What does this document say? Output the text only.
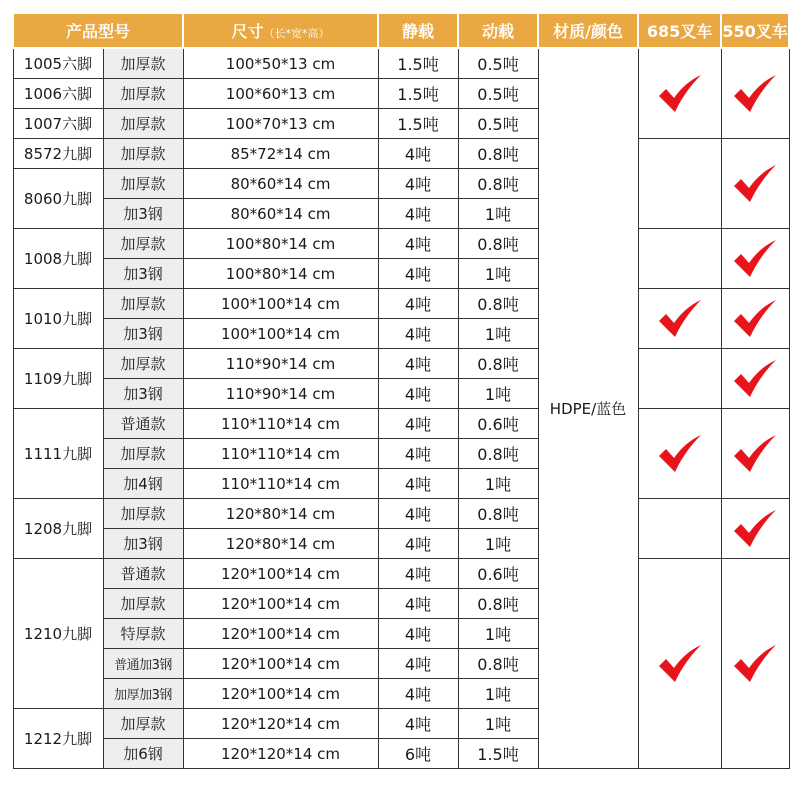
产品型号		尺寸（长*宽*高）	静载	动载	材质/颜色	685叉车	550叉车
1005六脚	加厚款	100*50*13 cm	1.5吨	0.5吨	HDPE/蓝色	

1006六脚	加厚款	100*60*13 cm	1.5吨	0.5吨			
1007六脚	加厚款	100*70*13 cm	1.5吨	0.5吨			
8572九脚	加厚款	85*72*14 cm	4吨	0.8吨		

8060九脚	加厚款	80*60*14 cm	4吨	0.8吨			
	加3钢	80*60*14 cm	4吨	1吨			
1008九脚	加厚款	100*80*14 cm	4吨	0.8吨		

	加3钢	100*80*14 cm	4吨	1吨			
1010九脚	加厚款	100*100*14 cm	4吨	0.8吨	

	加3钢	100*100*14 cm	4吨	1吨			
1109九脚	加厚款	110*90*14 cm	4吨	0.8吨		

	加3钢	110*90*14 cm	4吨	1吨			
1111九脚	普通款	110*110*14 cm	4吨	0.6吨	

	加厚款	110*110*14 cm	4吨	0.8吨			
	加4钢	110*110*14 cm	4吨	1吨			
1208九脚	加厚款	120*80*14 cm	4吨	0.8吨		

	加3钢	120*80*14 cm	4吨	1吨			
1210九脚	普通款	120*100*14 cm	4吨	0.6吨	

	加厚款	120*100*14 cm	4吨	0.8吨			
	特厚款	120*100*14 cm	4吨	1吨			
	普通加3钢	120*100*14 cm	4吨	0.8吨			
	加厚加3钢	120*100*14 cm	4吨	1吨			
1212九脚	加厚款	120*120*14 cm	4吨	1吨			
	加6钢	120*120*14 cm	6吨	1.5吨			
